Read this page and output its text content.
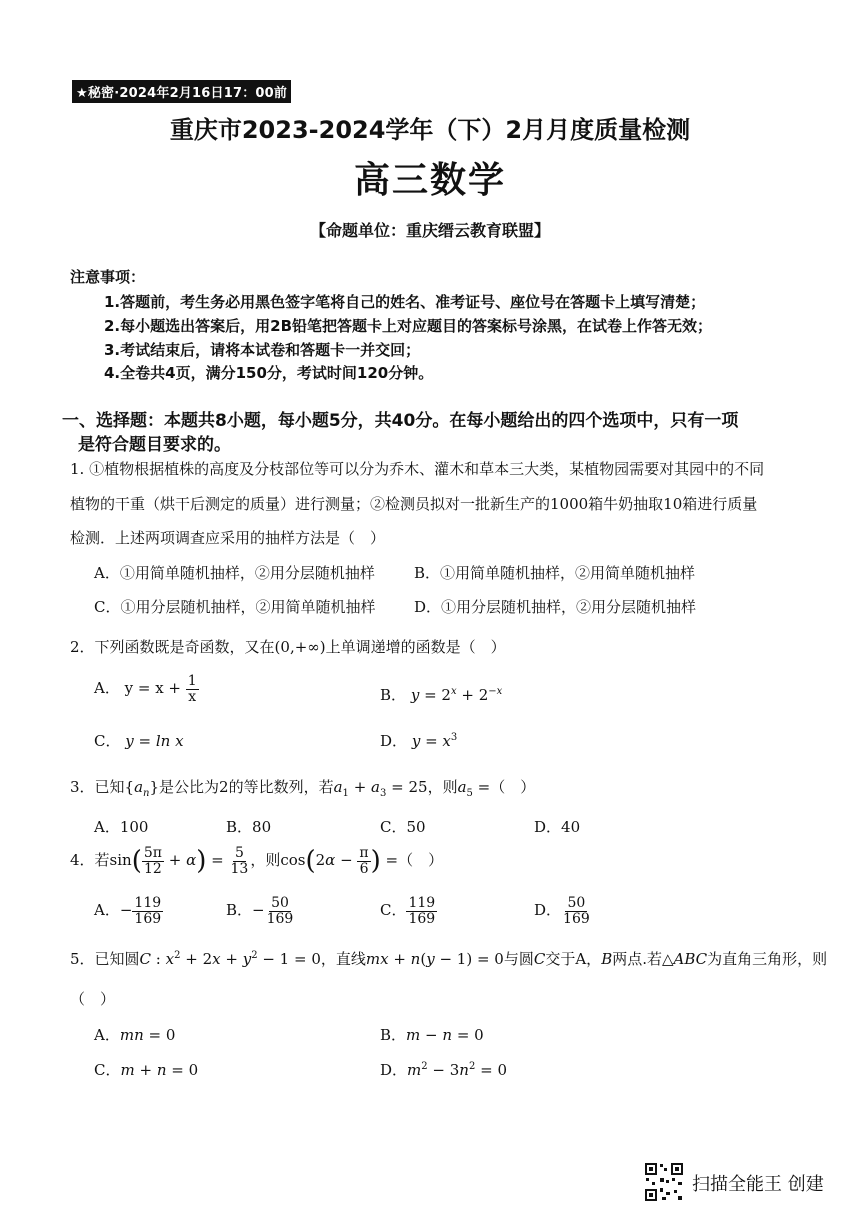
★秘密·2024年2月16日17：00前
重庆市2023-2024学年（下）2月月度质量检测
高三数学
【命题单位：重庆缙云教育联盟】
注意事项：
1.答题前，考生务必用黑色签字笔将自己的姓名、准考证号、座位号在答题卡上填写清楚；
2.每小题选出答案后，用2B铅笔把答题卡上对应题目的答案标号涂黑，在试卷上作答无效；
3.考试结束后，请将本试卷和答题卡一并交回；
4.全卷共4页，满分150分，考试时间120分钟。
一、选择题：本题共8小题，每小题5分，共40分。在每小题给出的四个选项中，只有一项
是符合题目要求的。
1. ①植物根据植株的高度及分枝部位等可以分为乔木、灌木和草本三大类，某植物园需要对其园中的不同
植物的干重（烘干后测定的质量）进行测量；②检测员拟对一批新生产的1000箱牛奶抽取10箱进行质量
检测．上述两项调查应采用的抽样方法是（　）
A．①用简单随机抽样，②用分层随机抽样	B．①用简单随机抽样，②用简单随机抽样
C．①用分层随机抽样，②用简单随机抽样	D．①用分层随机抽样，②用分层随机抽样
2．下列函数既是奇函数，又在(0,+∞)上单调递增的函数是（　）
A． $y = x + \frac{1}{x}$	B． $y = 2^x + 2^{-x}$
C． y = ln x	D． $y = x^3$
3．已知$\{a_n\}$是公比为2的等比数列，若$a_1 + a_3 = 25$，则$a_5$ =（　）
A．100	B．80	C．50	D．40
4．若$\sin( \frac{5\pi}{12} + \alpha) = \frac{5}{13}$ ，则$\cos(2\alpha - \frac{\pi}{6}$ ) =（　）
A．− $\frac{119}{169}$	B．− $\frac{50}{169}$	C． $\frac{119}{169}$	D． $\frac{50}{169}$
5．已知圆C : $x^2 + 2x + y^2 - 1 = 0$，直线mx + n(y − 1) = 0与圆C交于A，B两点.若△ABC为直角三角形，则
（　）
A．mn = 0	B．m − n = 0
C．m + n = 0	D．$m^2 - 3n^2 = 0$
扫描全能王 创建
